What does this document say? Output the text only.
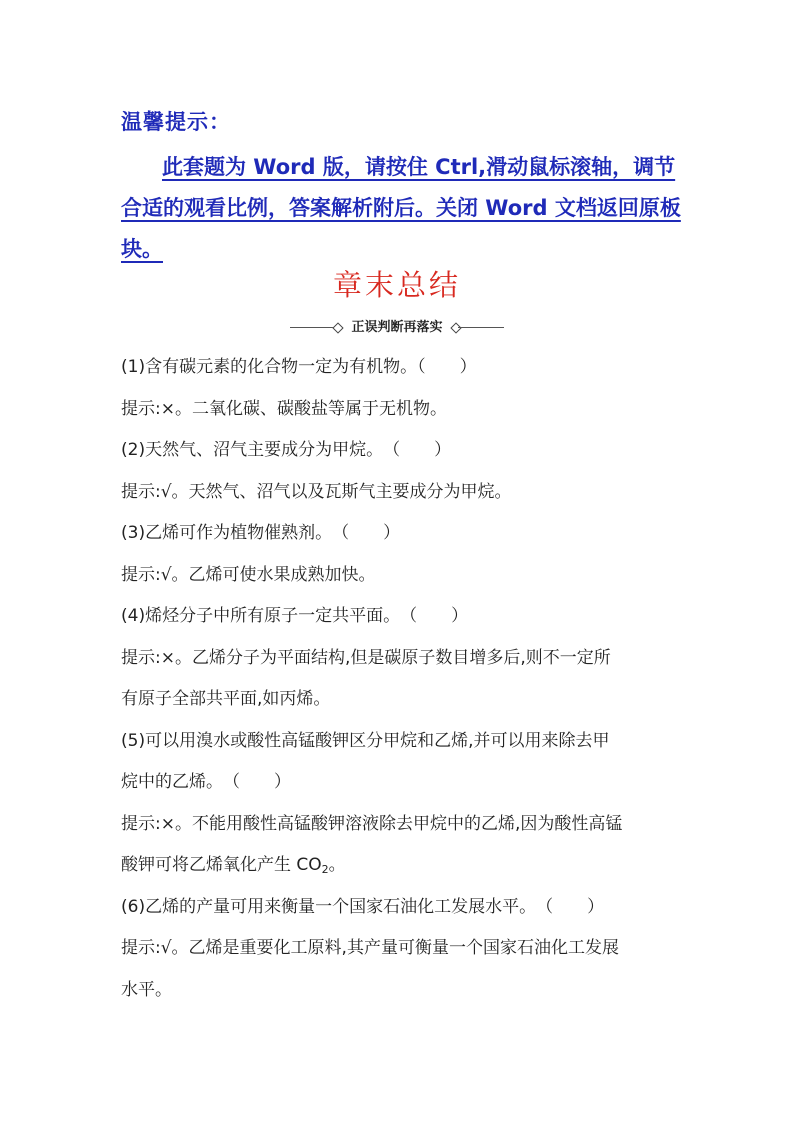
温馨提示：
此套题为 Word 版，请按住 Ctrl,滑动鼠标滚轴，调节合适的观看比例，答案解析附后。关闭 Word 文档返回原板块。
章末总结
正误判断再落实
(1)含有碳元素的化合物一定为有机物。（　　）
提示:×。二氧化碳、碳酸盐等属于无机物。
(2)天然气、沼气主要成分为甲烷。　（　　）
提示:√。天然气、沼气以及瓦斯气主要成分为甲烷。
(3)乙烯可作为植物催熟剂。　（　　）
提示:√。乙烯可使水果成熟加快。
(4)烯烃分子中所有原子一定共平面。　（　　）
提示:×。乙烯分子为平面结构,但是碳原子数目增多后,则不一定所
有原子全部共平面,如丙烯。
(5)可以用溴水或酸性高锰酸钾区分甲烷和乙烯,并可以用来除去甲
烷中的乙烯。　（　　）
提示:×。不能用酸性高锰酸钾溶液除去甲烷中的乙烯,因为酸性高锰
酸钾可将乙烯氧化产生 $CO_2$。
(6)乙烯的产量可用来衡量一个国家石油化工发展水平。　（　　）
提示:√。乙烯是重要化工原料,其产量可衡量一个国家石油化工发展
水平。
